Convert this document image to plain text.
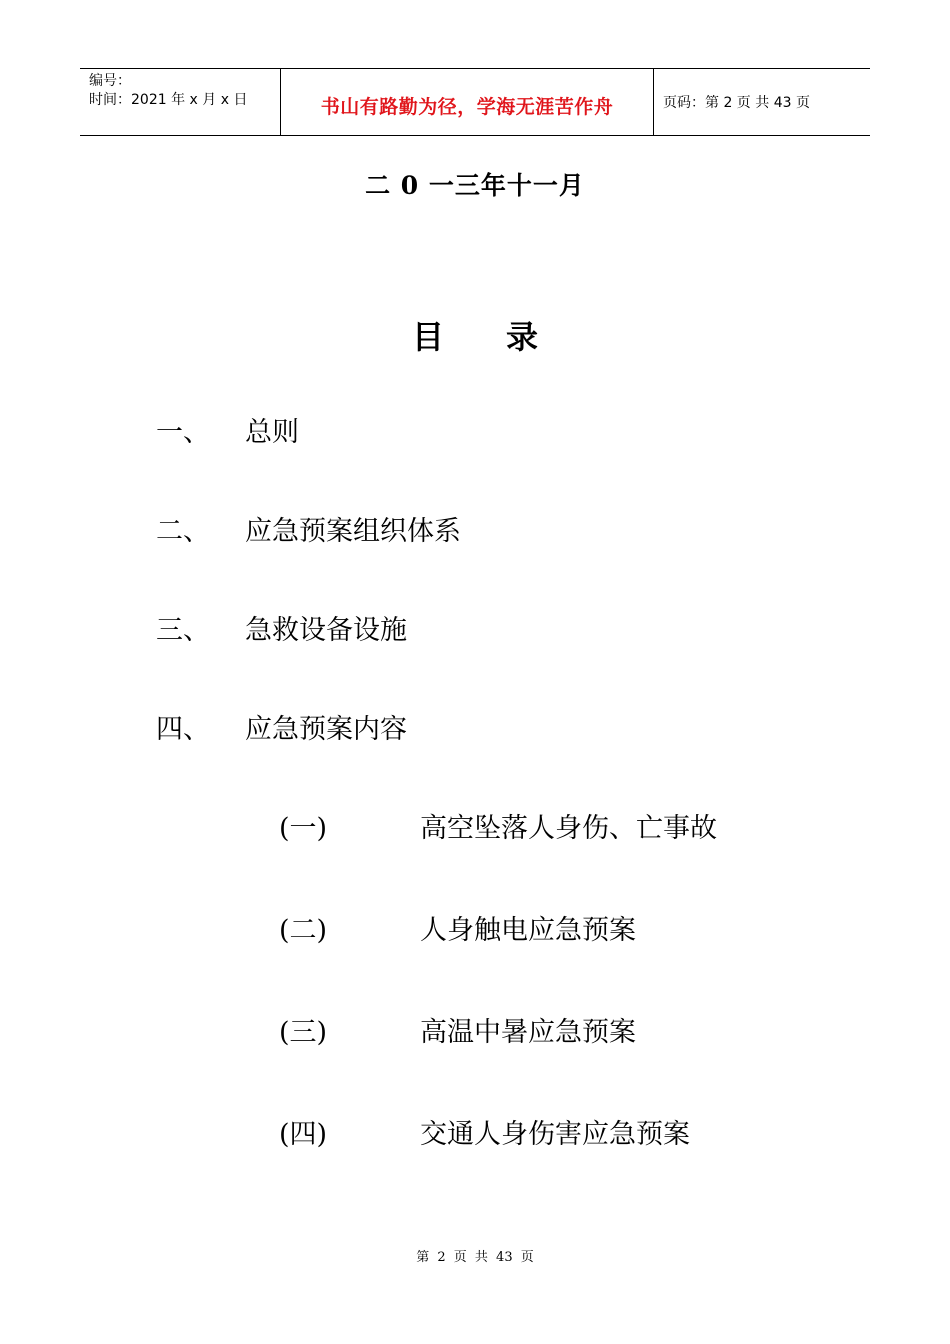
编号：
时间：2021 年 x 月 x 日	书山有路勤为径，学海无涯苦作舟	页码：第 2 页 共 43 页
二 0 一三年十一月
目 录
一、 总则
二、 应急预案组织体系
三、 急救设备设施
四、 应急预案内容
(一)	高空坠落人身伤、亡事故
(二)	人身触电应急预案
(三)	高温中暑应急预案
(四)	交通人身伤害应急预案
第 2 页 共 43 页
